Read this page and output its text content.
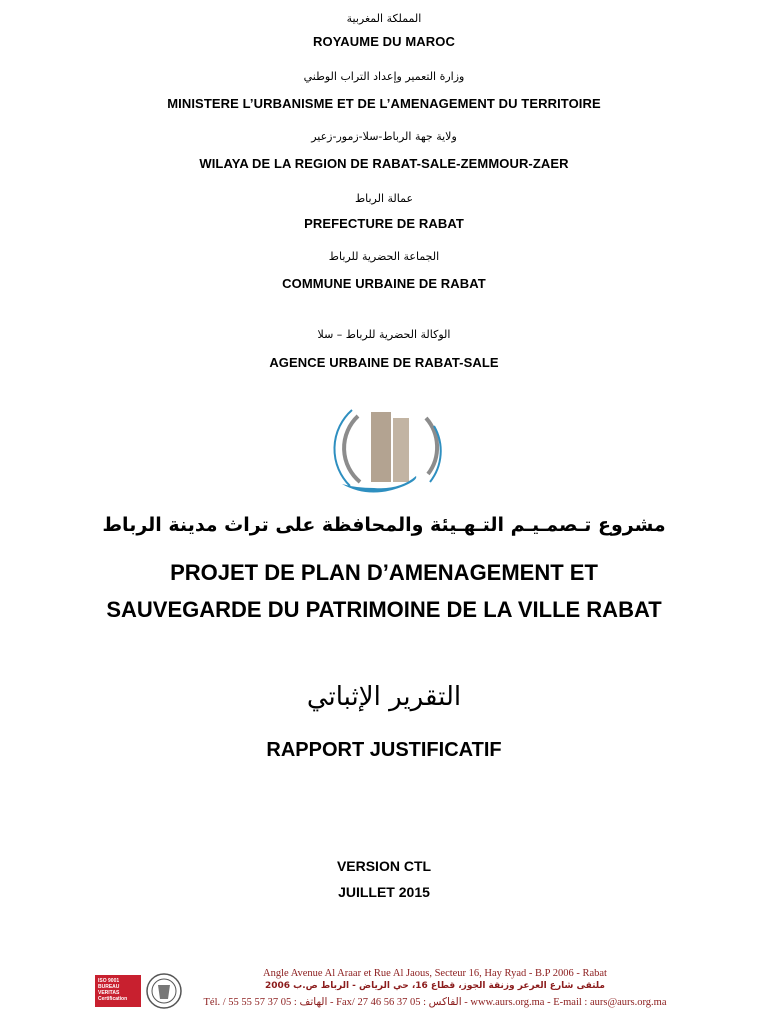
المملكة المغربية
ROYAUME DU MAROC
وزارة التعمير وإعداد التراب الوطني
MINISTERE L’URBANISME ET DE L’AMENAGEMENT DU TERRITOIRE
ولاية جهة الرباط-سلا-زمور-زعير
WILAYA DE LA REGION DE RABAT-SALE-ZEMMOUR-ZAER
عمالة الرباط
PREFECTURE DE RABAT
الجماعة الحضرية للرباط
COMMUNE URBAINE DE RABAT
الوكالة الحضرية للرباط – سلا
AGENCE URBAINE DE RABAT-SALE
مشروع تـصمـيـم التـهـيئة والمحافظة على تراث مدينة الرباط
PROJET DE PLAN D’AMENAGEMENT ET
SAUVEGARDE DU PATRIMOINE DE LA VILLE RABAT
التقرير الإثباتي
RAPPORT JUSTIFICATIF
VERSION CTL
JUILLET 2015
ISO 9001 BUREAU VERITAS Certification
Angle Avenue Al Araar et Rue Al Jaous, Secteur 16, Hay Ryad - B.P 2006 - Rabat
ملتقى شارع العرعر وزنقة الجوز، قطاع 16، حي الرياض - الرباط ص.ب 2006
Tél. / الهاتف : 05 37 57 55 55 - Fax/ الفاكس : 05 37 56 46 27 - www.aurs.org.ma - E-mail : aurs@aurs.org.ma
